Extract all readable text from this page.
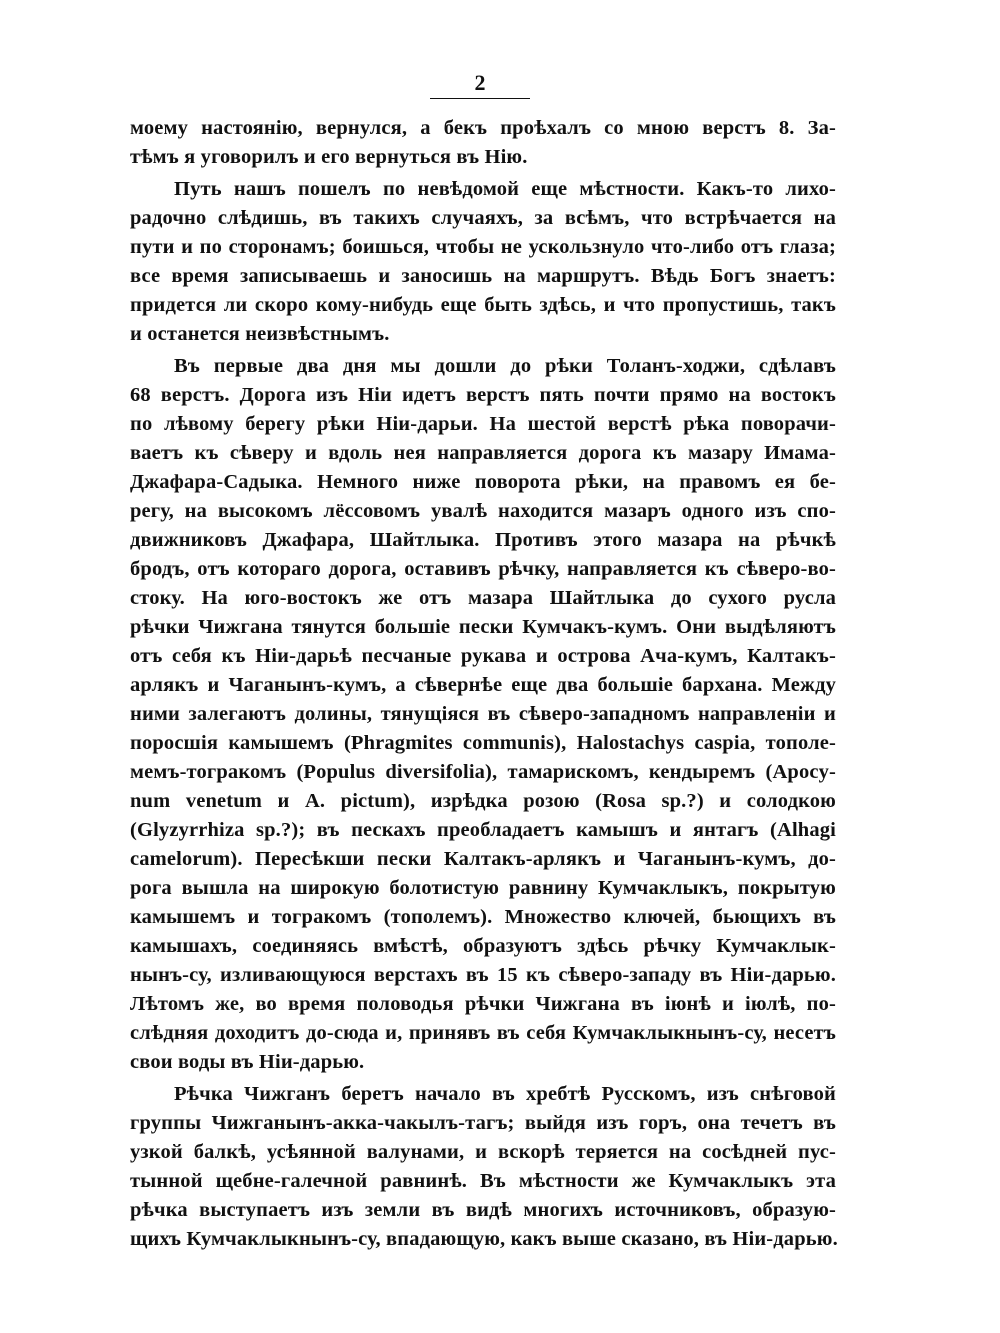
2

моему настоянію, вернулся, а бекъ проѣхалъ со мною верстъ 8. За-
тѣмъ я уговорилъ и его вернуться въ Нію.

Путь нашъ пошелъ по невѣдомой еще мѣстности. Какъ-то лихо-
радочно слѣдишь, въ такихъ случаяхъ, за всѣмъ, что встрѣчается на
пути и по сторонамъ; боишься, чтобы не ускользнуло что-либо отъ глаза;
все время записываешь и заносишь на маршрутъ. Вѣдь Богъ знаетъ:
придется ли скоро кому-нибудь еще быть здѣсь, и что пропустишь, такъ
и останется неизвѣстнымъ.

Въ первые два дня мы дошли до рѣки Толанъ-ходжи, сдѣлавъ
68 верстъ. Дорога изъ Ніи идетъ верстъ пять почти прямо на востокъ
по лѣвому берегу рѣки Ніи-дарьи. На шестой верстѣ рѣка поворачи-
ваетъ къ сѣверу и вдоль нея направляется дорога къ мазару Имама-
Джафара-Садыка. Немного ниже поворота рѣки, на правомъ ея бе-
регу, на высокомъ лёссовомъ увалѣ находится мазаръ одного изъ спо-
движниковъ Джафара, Шайтлыка. Противъ этого мазара на рѣчкѣ
бродъ, отъ котораго дорога, оставивъ рѣчку, направляется къ сѣверо-во-
стоку. На юго-востокъ же отъ мазара Шайтлыка до сухого русла
рѣчки Чижгана тянутся большіе пески Кумчакъ-кумъ. Они выдѣляютъ
отъ себя къ Ніи-дарьѣ песчаные рукава и острова Ача-кумъ, Калтакъ-
арлякъ и Чаганынъ-кумъ, а сѣвернѣе еще два большіе бархана. Между
ними залегаютъ долины, тянущіяся въ сѣверо-западномъ направленіи и
поросшія камышемъ (Phragmites communis), Halostachys caspia, тополе-
мемъ-тогракомъ (Populus diversifolia), тамарискомъ, кендыремъ (Apocy-
num venetum и A. pictum), изрѣдка розою (Rosa sp.?) и солодкою
(Glyzyrrhiza sp.?); въ пескахъ преобладаетъ камышъ и янтагъ (Alhagi
camelorum). Пересѣкши пески Калтакъ-арлякъ и Чаганынъ-кумъ, до-
рога вышла на широкую болотистую равнину Кумчаклыкъ, покрытую
камышемъ и тогракомъ (тополемъ). Множество ключей, бьющихъ въ
камышахъ, соединяясь вмѣстѣ, образуютъ здѣсь рѣчку Кумчаклык-
нынъ-су, изливающуюся верстахъ въ 15 къ сѣверо-западу въ Ніи-дарью.
Лѣтомъ же, во время половодья рѣчки Чижгана въ іюнѣ и іюлѣ, по-
слѣдняя доходитъ до-сюда и, принявъ въ себя Кумчаклыкнынъ-су, несетъ
свои воды въ Ніи-дарью.

Рѣчка Чижганъ беретъ начало въ хребтѣ Русскомъ, изъ снѣговой
группы Чижганынъ-акка-чакылъ-тагъ; выйдя изъ горъ, она течетъ въ
узкой балкѣ, усѣянной валунами, и вскорѣ теряется на сосѣдней пус-
тынной щебне-галечной равнинѣ. Въ мѣстности же Кумчаклыкъ эта
рѣчка выступаетъ изъ земли въ видѣ многихъ источниковъ, образую-
щихъ Кумчаклыкнынъ-су, впадающую, какъ выше сказано, въ Ніи-дарью.
